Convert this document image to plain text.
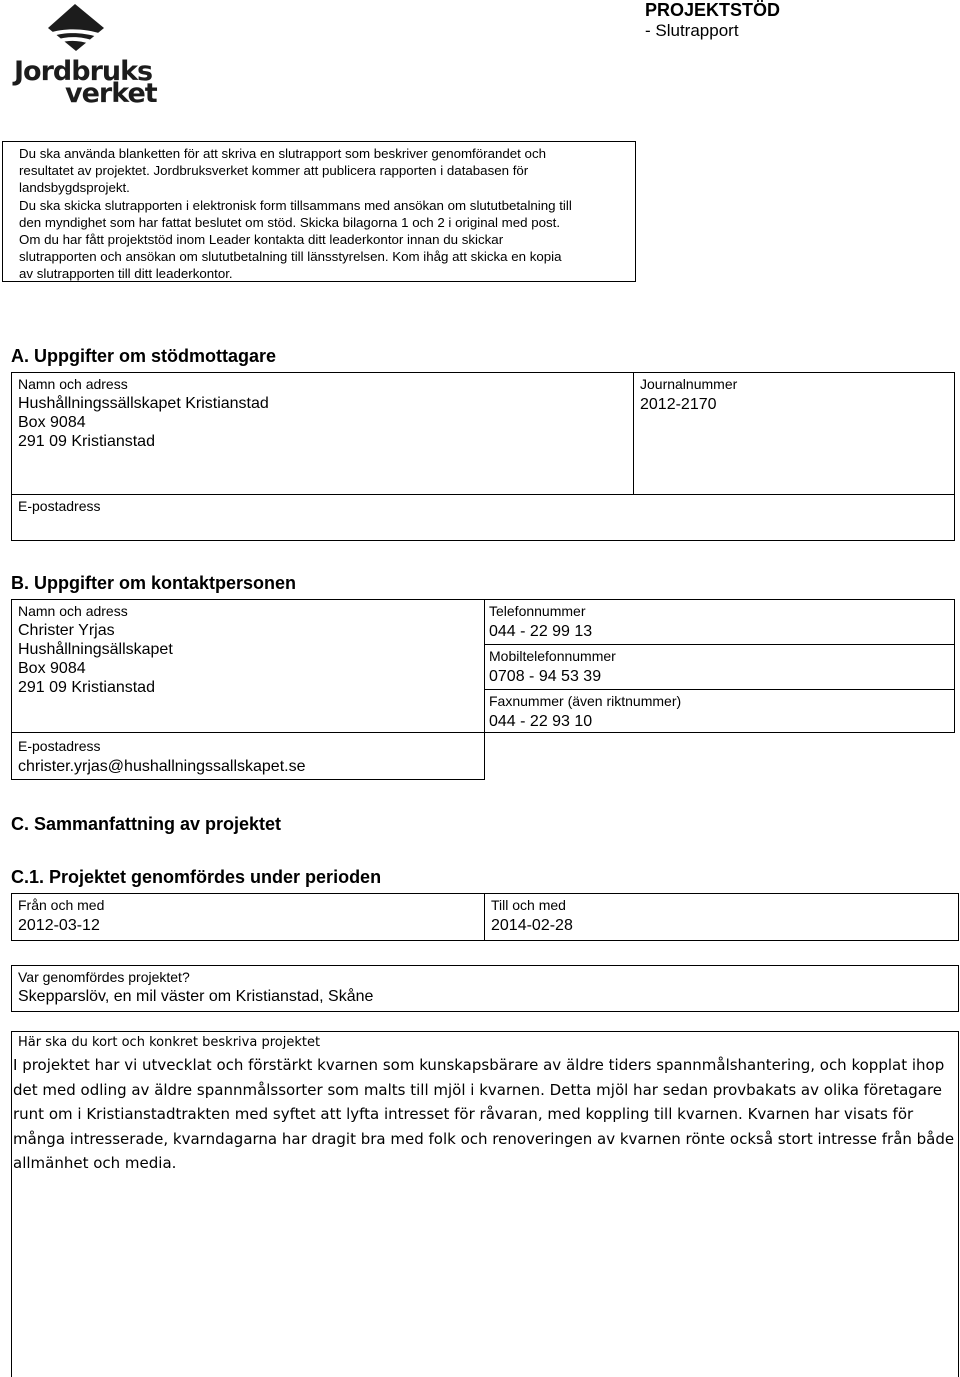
Jordbruks
verket
PROJEKTSTÖD
- Slutrapport
Du ska använda blanketten för att skriva en slutrapport som beskriver genomförandet och
resultatet av projektet. Jordbruksverket kommer att publicera rapporten i databasen för
landsbygdsprojekt.
Du ska skicka slutrapporten i elektronisk form tillsammans med ansökan om slututbetalning till
den myndighet som har fattat beslutet om stöd. Skicka bilagorna 1 och 2 i original med post.
Om du har fått projektstöd inom Leader kontakta ditt leaderkontor innan du skickar
slutrapporten och ansökan om slututbetalning till länsstyrelsen. Kom ihåg att skicka en kopia
av slutrapporten till ditt leaderkontor.
A. Uppgifter om stödmottagare
Namn och adress
Hushållningssällskapet Kristianstad
Box 9084
291 09 Kristianstad
Journalnummer
2012-2170
E-postadress
B. Uppgifter om kontaktpersonen
Namn och adress
Christer Yrjas
Hushållningsällskapet
Box 9084
291 09 Kristianstad
E-postadress
christer.yrjas@hushallningssallskapet.se
Telefonnummer
044 - 22 99 13
Mobiltelefonnummer
0708 - 94 53 39
Faxnummer (även riktnummer)
044 - 22 93 10
C. Sammanfattning av projektet
C.1. Projektet genomfördes under perioden
Från och med
2012-03-12
Till och med
2014-02-28
Var genomfördes projektet?
Skepparslöv, en mil väster om Kristianstad, Skåne
Här ska du kort och konkret beskriva projektet
I projektet har vi utvecklat och förstärkt kvarnen som kunskapsbärare av äldre tiders spannmålshantering, och kopplat ihop det med odling av äldre spannmålssorter som malts till mjöl i kvarnen. Detta mjöl har sedan provbakats av olika företagare runt om i Kristianstadtrakten med syftet att lyfta intresset för råvaran, med koppling till kvarnen. Kvarnen har visats för många intresserade, kvarndagarna har dragit bra med folk och renoveringen av kvarnen rönte också stort intresse från både allmänhet och media.
